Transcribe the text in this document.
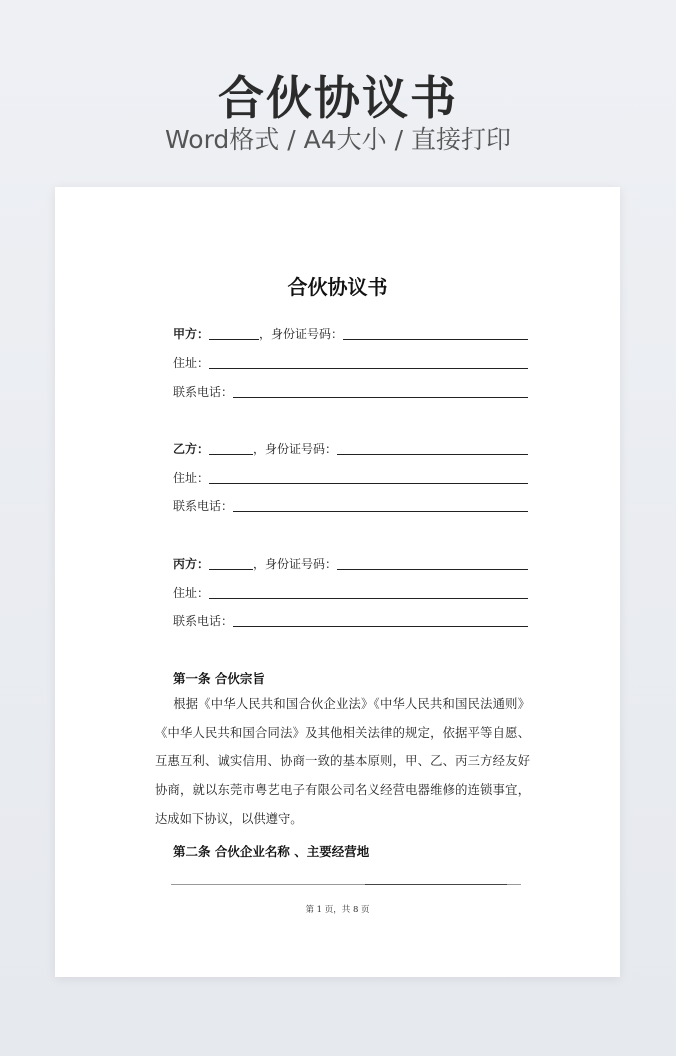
合伙协议书
Word格式 / A4大小 / 直接打印
合伙协议书
甲方：	，身份证号码：
住址：
联系电话：
乙方：	，身份证号码：
住址：
联系电话：
丙方：	，身份证号码：
住址：
联系电话：
第一条 合伙宗旨
根据《中华人民共和国合伙企业法》《中华人民共和国民法通则》《中华人民共和国合同法》及其他相关法律的规定，依据平等自愿、互惠互利、诚实信用、协商一致的基本原则，甲、乙、丙三方经友好协商，就以东莞市粤艺电子有限公司名义经营电器维修的连锁事宜，达成如下协议，以供遵守。
第二条 合伙企业名称 、主要经营地
第 1 页，共 8 页
